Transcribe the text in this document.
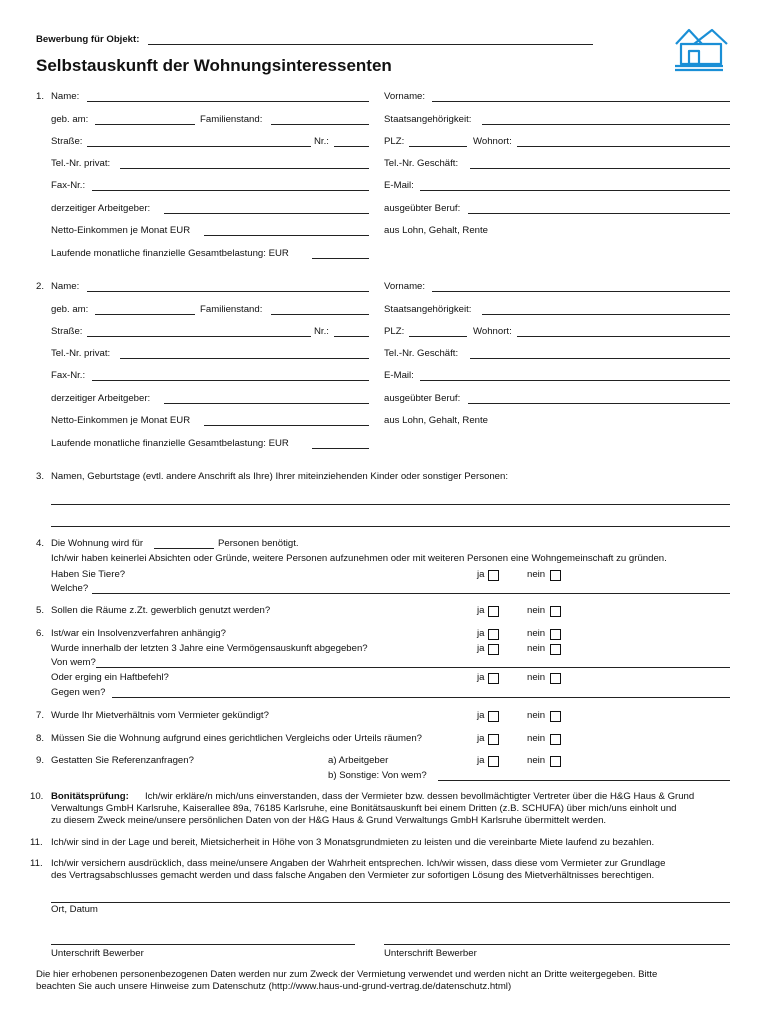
Bewerbung für Objekt:
Selbstauskunft der Wohnungsinteressenten
1. Name:	Vorname:
geb. am:	Familienstand:	Staatsangehörigkeit:
Straße:	Nr.:	PLZ:	Wohnort:
Tel.-Nr. privat:	Tel.-Nr. Geschäft:
Fax-Nr.:	E-Mail:
derzeitiger Arbeitgeber:	ausgeübter Beruf:
Netto-Einkommen je Monat EUR	aus Lohn, Gehalt, Rente
Laufende monatliche finanzielle Gesamtbelastung: EUR
2. Name:	Vorname:
geb. am:	Familienstand:	Staatsangehörigkeit:
Straße:	Nr.:	PLZ:	Wohnort:
Tel.-Nr. privat:	Tel.-Nr. Geschäft:
Fax-Nr.:	E-Mail:
derzeitiger Arbeitgeber:	ausgeübter Beruf:
Netto-Einkommen je Monat EUR	aus Lohn, Gehalt, Rente
Laufende monatliche finanzielle Gesamtbelastung: EUR
3. Namen, Geburtstage (evtl. andere Anschrift als Ihre) Ihrer miteinziehenden Kinder oder sonstiger Personen:
4. Die Wohnung wird für	Personen benötigt.
Ich/wir haben keinerlei Absichten oder Gründe, weitere Personen aufzunehmen oder mit weiteren Personen eine Wohngemeinschaft zu gründen.
Haben Sie Tiere?	ja	nein
Welche?
5. Sollen die Räume z.Zt. gewerblich genutzt werden?	ja	nein
6. Ist/war ein Insolvenzverfahren anhängig?	ja	nein
Wurde innerhalb der letzten 3 Jahre eine Vermögensauskunft abgegeben?	ja	nein
Von wem?
Oder erging ein Haftbefehl?	ja	nein
Gegen wen?
7. Wurde Ihr Mietverhältnis vom Vermieter gekündigt?	ja	nein
8. Müssen Sie die Wohnung aufgrund eines gerichtlichen Vergleichs oder Urteils räumen?	ja	nein
9. Gestatten Sie Referenzanfragen?	a) Arbeitgeber	ja	nein
b) Sonstige: Von wem?
10. Bonitätsprüfung: Ich/wir erkläre/n mich/uns einverstanden, dass der Vermieter bzw. dessen bevollmächtigter Vertreter über die H&G Haus & Grund
Verwaltungs GmbH Karlsruhe, Kaiserallee 89a, 76185 Karlsruhe, eine Bonitätsauskunft bei einem Dritten (z.B. SCHUFA) über mich/uns einholt und
zu diesem Zweck meine/unsere persönlichen Daten von der H&G Haus & Grund Verwaltungs GmbH Karlsruhe übermittelt werden.
11. Ich/wir sind in der Lage und bereit, Mietsicherheit in Höhe von 3 Monatsgrundmieten zu leisten und die vereinbarte Miete laufend zu bezahlen.
11. Ich/wir versichern ausdrücklich, dass meine/unsere Angaben der Wahrheit entsprechen. Ich/wir wissen, dass diese vom Vermieter zur Grundlage
des Vertragsabschlusses gemacht werden und dass falsche Angaben den Vermieter zur sofortigen Lösung des Mietverhältnisses berechtigen.
Ort, Datum
Unterschrift Bewerber	Unterschrift Bewerber
Die hier erhobenen personenbezogenen Daten werden nur zum Zweck der Vermietung verwendet und werden nicht an Dritte weitergegeben. Bitte
beachten Sie auch unsere Hinweise zum Datenschutz (http://www.haus-und-grund-vertrag.de/datenschutz.html)
